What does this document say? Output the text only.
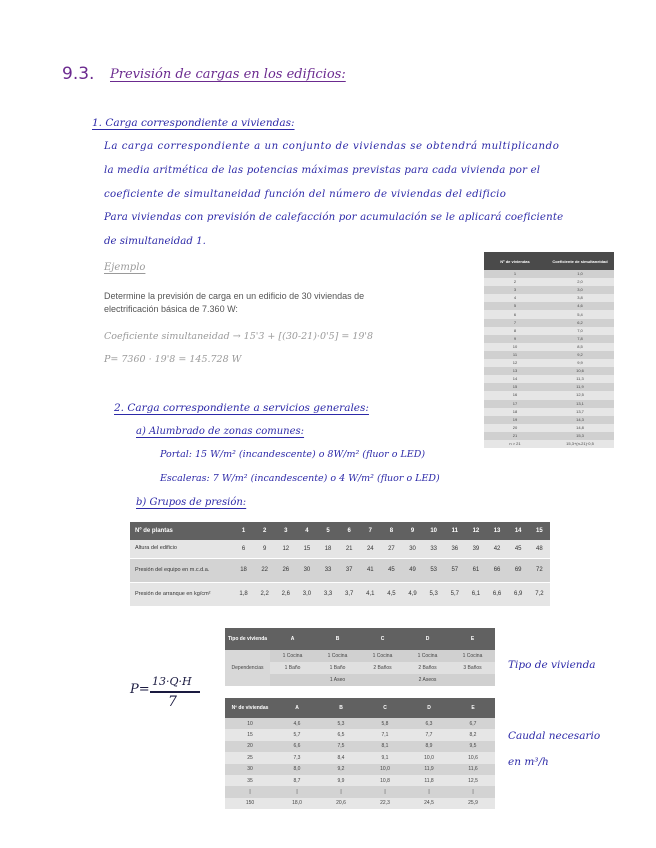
9.3. Previsión de cargas en los edificios:
1. Carga correspondiente a viviendas:
La carga correspondiente a un conjunto de viviendas se obtendrá multiplicando
la media aritmética de las potencias máximas previstas para cada vivienda por el
coeficiente de simultaneidad función del número de viviendas del edificio
Para viviendas con previsión de calefacción por acumulación se le aplicará coeficiente
de simultaneidad 1.
Ejemplo
Determine la previsión de carga en un edificio de 30 viviendas de
electrificación básica de 7.360 W:
Coeficiente simultaneidad → 15'3 + [(30-21)·0'5] = 19'8
P= 7360 · 19'8 = 145.728 W
Nº de viviendas	Coeficiente de simultaneidad
1	1,0
2	2,0
3	3,0
4	3,8
5	4,6
6	5,4
7	6,2
8	7,0
9	7,8
10	8,5
11	9,2
12	9,9
13	10,6
14	11,3
15	11,9
16	12,5
17	13,1
18	13,7
19	14,3
20	14,8
21	15,3
n > 21	15,3+(n-21)·0,5
2. Carga correspondiente a servicios generales:
a) Alumbrado de zonas comunes:
Portal: 15 W/m² (incandescente) o 8W/m² (fluor o LED)
Escaleras: 7 W/m² (incandescente) o 4 W/m² (fluor o LED)
b) Grupos de presión:
Nº de plantas	1	2	3	4	5	6	7	8	9	10	11	12	13	14	15
Altura del edificio	6	9	12	15	18	21	24	27	30	33	36	39	42	45	48
Presión del equipo en m.c.d.a.	18	22	26	30	33	37	41	45	49	53	57	61	66	69	72
Presión de arranque en kg/cm²	1,8	2,2	2,6	3,0	3,3	3,7	4,1	4,5	4,9	5,3	5,7	6,1	6,6	6,9	7,2
P=
13·Q·H
7
Tipo de vivienda	A	B	C	D	E
Dependencias	1 Cocina	1 Cocina	1 Cocina	1 Cocina	1 Cocina
	1 Baño	1 Baño	2 Baños	2 Baños	3 Baños
		1 Aseo		2 Aseos	
Nº de viviendas	A	B	C	D	E
10	4,6	5,3	5,8	6,3	6,7
15	5,7	6,5	7,1	7,7	8,2
20	6,6	7,5	8,1	8,9	9,5
25	7,3	8,4	9,1	10,0	10,6
30	8,0	9,2	10,0	11,9	11,6
35	8,7	9,9	10,8	11,8	12,5
|	|	|	|	|	|
150	18,0	20,6	22,3	24,5	25,9
Tipo de vivienda
Caudal necesario
en m³/h
